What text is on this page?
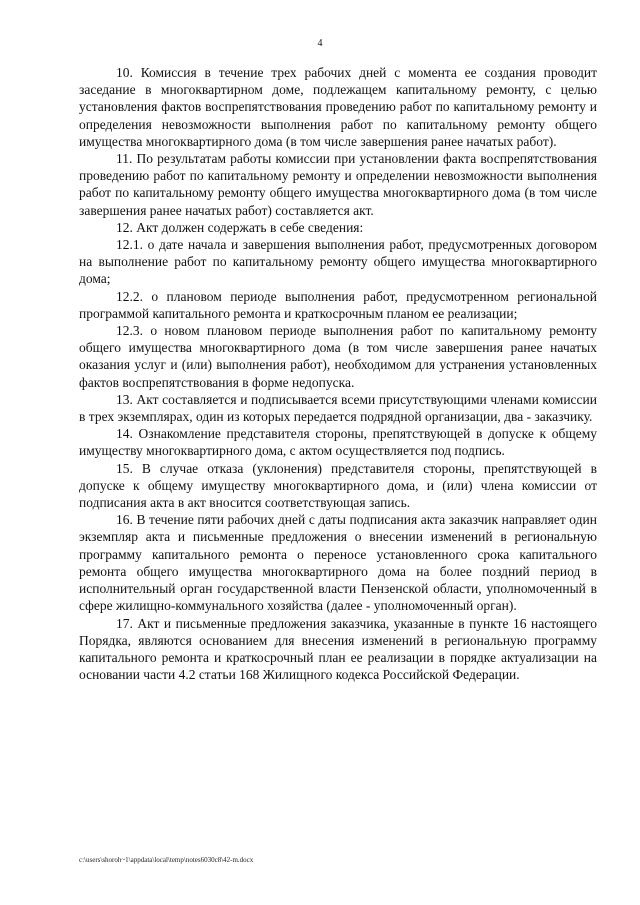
4

10. Комиссия в течение трех рабочих дней с момента ее создания проводит заседание в многоквартирном доме, подлежащем капитальному ремонту, с целью установления фактов воспрепятствования проведению работ по капитальному ремонту и определения невозможности выполнения работ по капитальному ремонту общего имущества многоквартирного дома (в том числе завершения ранее начатых работ).

11. По результатам работы комиссии при установлении факта воспрепятствования проведению работ по капитальному ремонту и определении невозможности выполнения работ по капитальному ремонту общего имущества многоквартирного дома (в том числе завершения ранее начатых работ) составляется акт.

12. Акт должен содержать в себе сведения:

12.1. о дате начала и завершения выполнения работ, предусмотренных договором на выполнение работ по капитальному ремонту общего имущества многоквартирного дома;

12.2. о плановом периоде выполнения работ, предусмотренном региональной программой капитального ремонта и краткосрочным планом ее реализации;

12.3. о новом плановом периоде выполнения работ по капитальному ремонту общего имущества многоквартирного дома (в том числе завершения ранее начатых оказания услуг и (или) выполнения работ), необходимом для устранения установленных фактов воспрепятствования в форме недопуска.

13. Акт составляется и подписывается всеми присутствующими членами комиссии в трех экземплярах, один из которых передается подрядной организации, два - заказчику.

14. Ознакомление представителя стороны, препятствующей в допуске к общему имуществу многоквартирного дома, с актом осуществляется под подпись.

15. В случае отказа (уклонения) представителя стороны, препятствующей в допуске к общему имуществу многоквартирного дома, и (или) члена комиссии от подписания акта в акт вносится соответствующая запись.

16. В течение пяти рабочих дней с даты подписания акта заказчик направляет один экземпляр акта и письменные предложения о внесении изменений в региональную программу капитального ремонта о переносе установленного срока капитального ремонта общего имущества многоквартирного дома на более поздний период в исполнительный орган государственной власти Пензенской области, уполномоченный в сфере жилищно-коммунального хозяйства (далее - уполномоченный орган).

17. Акт и письменные предложения заказчика, указанные в пункте 16 настоящего Порядка, являются основанием для внесения изменений в региональную программу капитального ремонта и краткосрочный план ее реализации в порядке актуализации на основании части 4.2 статьи 168 Жилищного кодекса Российской Федерации.

c:\users\shoroh~1\appdata\local\temp\notes6030c8\42-m.docx
